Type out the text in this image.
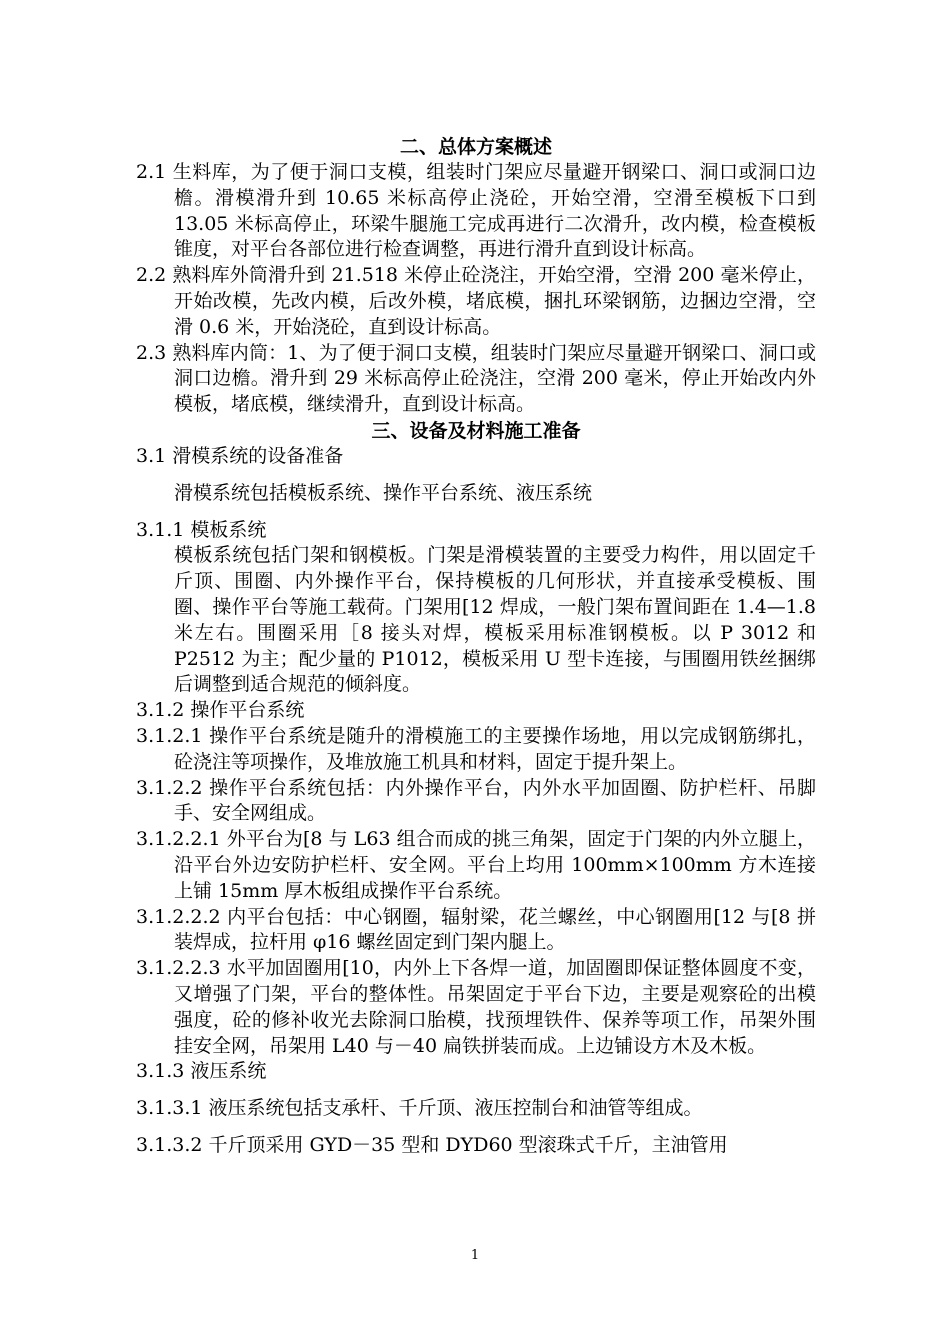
二、总体方案概述

2.1 生料库，为了便于洞口支模，组装时门架应尽量避开钢梁口、洞口或洞口边檐。滑模滑升到 10.65 米标高停止浇砼，开始空滑，空滑至模板下口到 13.05 米标高停止，环梁牛腿施工完成再进行二次滑升，改内模，检查模板锥度，对平台各部位进行检查调整，再进行滑升直到设计标高。

2.2 熟料库外筒滑升到 21.518 米停止砼浇注，开始空滑，空滑 200 毫米停止，开始改模，先改内模，后改外模，堵底模，捆扎环梁钢筋，边捆边空滑，空滑 0.6 米，开始浇砼，直到设计标高。

2.3 熟料库内筒：1、为了便于洞口支模，组装时门架应尽量避开钢梁口、洞口或洞口边檐。滑升到 29 米标高停止砼浇注，空滑 200 毫米，停止开始改内外模板，堵底模，继续滑升，直到设计标高。

三、设备及材料施工准备

3.1 滑模系统的设备准备

滑模系统包括模板系统、操作平台系统、液压系统

3.1.1 模板系统

模板系统包括门架和钢模板。门架是滑模装置的主要受力构件，用以固定千斤顶、围圈、内外操作平台，保持模板的几何形状，并直接承受模板、围圈、操作平台等施工载荷。门架用[12 焊成，一般门架布置间距在 1.4—1.8 米左右。围圈采用［8 接头对焊，模板采用标准钢模板。以 P 3012 和 P2512 为主；配少量的 P1012，模板采用 U 型卡连接，与围圈用铁丝捆绑后调整到适合规范的倾斜度。

3.1.2 操作平台系统

3.1.2.1 操作平台系统是随升的滑模施工的主要操作场地，用以完成钢筋绑扎，砼浇注等项操作，及堆放施工机具和材料，固定于提升架上。

3.1.2.2 操作平台系统包括：内外操作平台，内外水平加固圈、防护栏杆、吊脚手、安全网组成。

3.1.2.2.1 外平台为[8 与 L63 组合而成的挑三角架，固定于门架的内外立腿上，沿平台外边安防护栏杆、安全网。平台上均用 100mm×100mm 方木连接上铺 15mm 厚木板组成操作平台系统。

3.1.2.2.2 内平台包括：中心钢圈，辐射梁，花兰螺丝，中心钢圈用[12 与[8 拼装焊成，拉杆用 φ16 螺丝固定到门架内腿上。

3.1.2.2.3 水平加固圈用[10，内外上下各焊一道，加固圈即保证整体圆度不变，又增强了门架，平台的整体性。吊架固定于平台下边，主要是观察砼的出模强度，砼的修补收光去除洞口胎模，找预埋铁件、保养等项工作，吊架外围挂安全网，吊架用 L40 与－40 扁铁拼装而成。上边铺设方木及木板。

3.1.3 液压系统

3.1.3.1 液压系统包括支承杆、千斤顶、液压控制台和油管等组成。

3.1.3.2 千斤顶采用 GYD－35 型和 DYD60 型滚珠式千斤，主油管用

1
